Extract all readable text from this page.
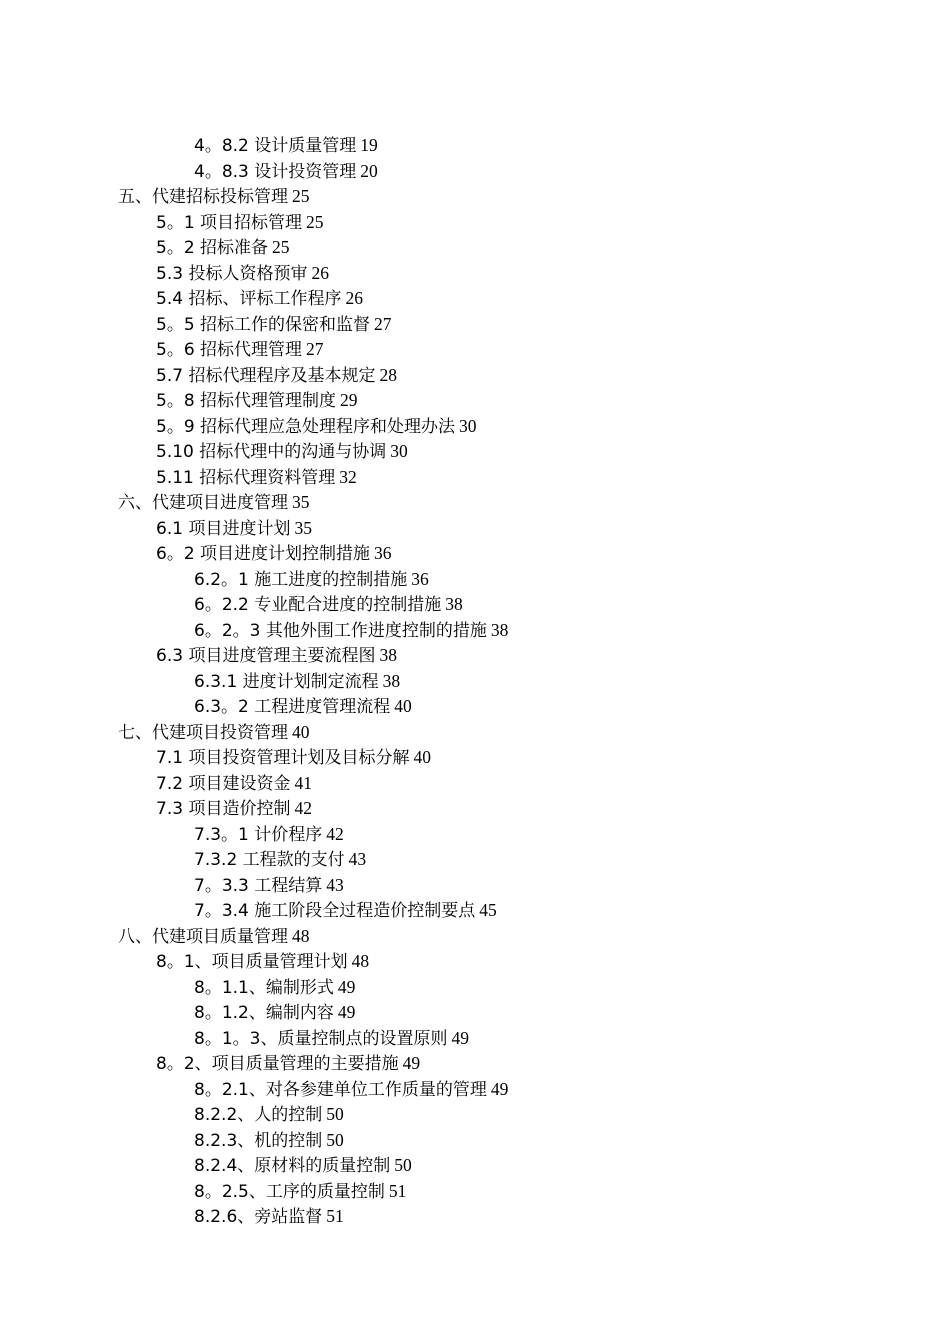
4。8.2 设计质量管理 19
4。8.3 设计投资管理 20
五、代建招标投标管理 25
5。1 项目招标管理 25
5。2 招标准备 25
5.3 投标人资格预审 26
5.4 招标、评标工作程序 26
5。5 招标工作的保密和监督 27
5。6 招标代理管理 27
5.7 招标代理程序及基本规定 28
5。8 招标代理管理制度 29
5。9 招标代理应急处理程序和处理办法 30
5.10 招标代理中的沟通与协调 30
5.11 招标代理资料管理 32
六、代建项目进度管理 35
6.1 项目进度计划 35
6。2 项目进度计划控制措施 36
6.2。1 施工进度的控制措施 36
6。2.2 专业配合进度的控制措施 38
6。2。3 其他外围工作进度控制的措施 38
6.3 项目进度管理主要流程图 38
6.3.1 进度计划制定流程 38
6.3。2 工程进度管理流程 40
七、代建项目投资管理 40
7.1 项目投资管理计划及目标分解 40
7.2 项目建设资金 41
7.3 项目造价控制 42
7.3。1 计价程序 42
7.3.2 工程款的支付 43
7。3.3 工程结算 43
7。3.4 施工阶段全过程造价控制要点 45
八、代建项目质量管理 48
8。1、项目质量管理计划 48
8。1.1、编制形式 49
8。1.2、编制内容 49
8。1。3、质量控制点的设置原则 49
8。2、项目质量管理的主要措施 49
8。2.1、对各参建单位工作质量的管理 49
8.2.2、人的控制 50
8.2.3、机的控制 50
8.2.4、原材料的质量控制 50
8。2.5、工序的质量控制 51
8.2.6、旁站监督 51
